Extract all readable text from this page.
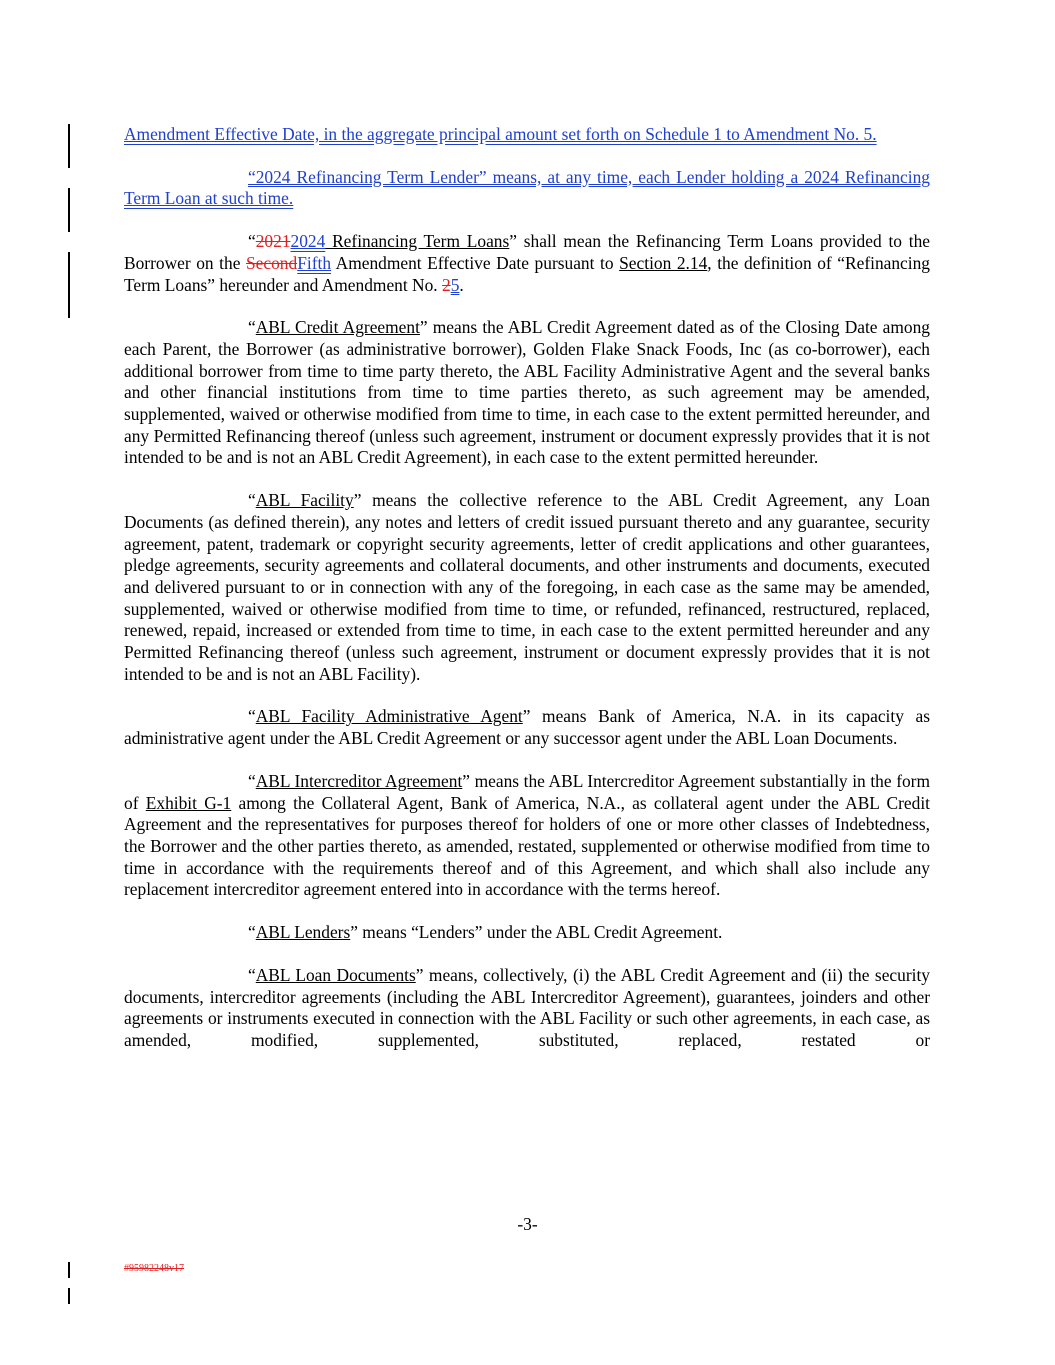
Amendment Effective Date, in the aggregate principal amount set forth on Schedule 1 to Amendment No. 5.

“2024 Refinancing Term Lender” means, at any time, each Lender holding a 2024 Refinancing Term Loan at such time.

“20212024 Refinancing Term Loans” shall mean the Refinancing Term Loans provided to the Borrower on the SecondFifth Amendment Effective Date pursuant to Section 2.14, the definition of “Refinancing Term Loans” hereunder and Amendment No. 25.

“ABL Credit Agreement” means the ABL Credit Agreement dated as of the Closing Date among each Parent, the Borrower (as administrative borrower), Golden Flake Snack Foods, Inc (as co-borrower), each additional borrower from time to time party thereto, the ABL Facility Administrative Agent and the several banks and other financial institutions from time to time parties thereto, as such agreement may be amended, supplemented, waived or otherwise modified from time to time, in each case to the extent permitted hereunder, and any Permitted Refinancing thereof (unless such agreement, instrument or document expressly provides that it is not intended to be and is not an ABL Credit Agreement), in each case to the extent permitted hereunder.

“ABL Facility” means the collective reference to the ABL Credit Agreement, any Loan Documents (as defined therein), any notes and letters of credit issued pursuant thereto and any guarantee, security agreement, patent, trademark or copyright security agreements, letter of credit applications and other guarantees, pledge agreements, security agreements and collateral documents, and other instruments and documents, executed and delivered pursuant to or in connection with any of the foregoing, in each case as the same may be amended, supplemented, waived or otherwise modified from time to time, or refunded, refinanced, restructured, replaced, renewed, repaid, increased or extended from time to time, in each case to the extent permitted hereunder and any Permitted Refinancing thereof (unless such agreement, instrument or document expressly provides that it is not intended to be and is not an ABL Facility).

“ABL Facility Administrative Agent” means Bank of America, N.A. in its capacity as administrative agent under the ABL Credit Agreement or any successor agent under the ABL Loan Documents.

“ABL Intercreditor Agreement” means the ABL Intercreditor Agreement substantially in the form of Exhibit G-1 among the Collateral Agent, Bank of America, N.A., as collateral agent under the ABL Credit Agreement and the representatives for purposes thereof for holders of one or more other classes of Indebtedness, the Borrower and the other parties thereto, as amended, restated, supplemented or otherwise modified from time to time in accordance with the requirements thereof and of this Agreement, and which shall also include any replacement intercreditor agreement entered into in accordance with the terms hereof.

“ABL Lenders” means “Lenders” under the ABL Credit Agreement.

“ABL Loan Documents” means, collectively, (i) the ABL Credit Agreement and (ii) the security documents, intercreditor agreements (including the ABL Intercreditor Agreement), guarantees, joinders and other agreements or instruments executed in connection with the ABL Facility or such other agreements, in each case, as amended, modified, supplemented, substituted, replaced, restated or

-3-
#95982248v17
